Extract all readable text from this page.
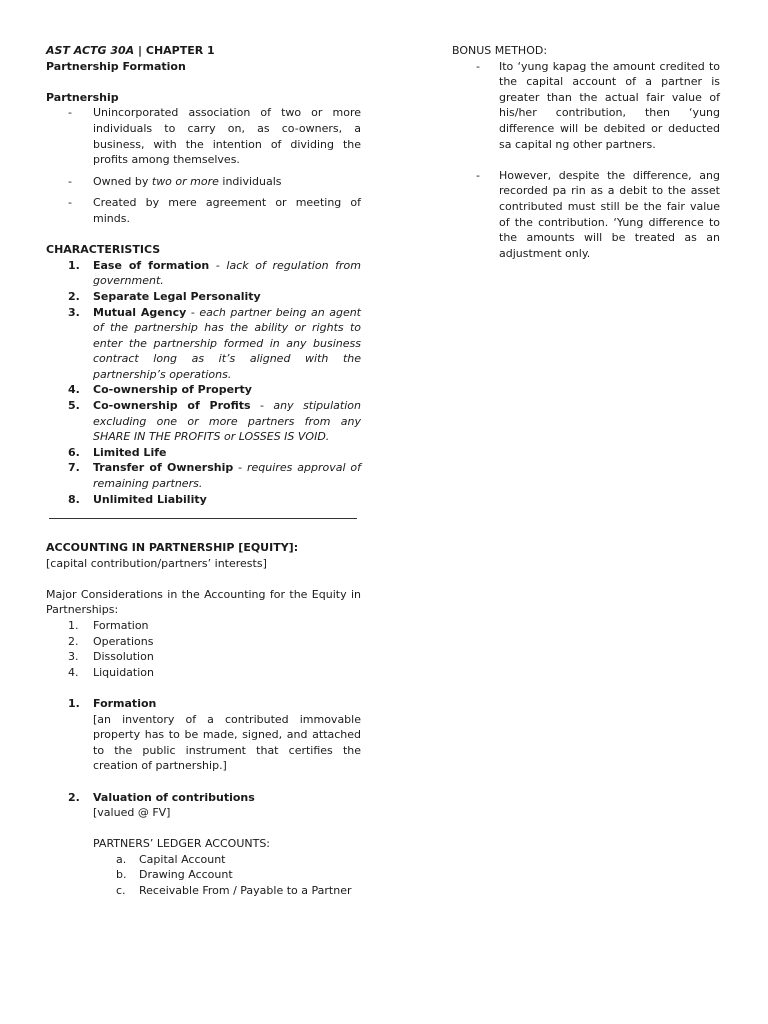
AST ACTG 30A | CHAPTER 1

Partnership Formation

Partnership

- Unincorporated association of two or more individuals to carry on, as co-owners, a business, with the intention of dividing the profits among themselves.
- Owned by two or more individuals
- Created by mere agreement or meeting of minds.

CHARACTERISTICS

1.	Ease of formation - lack of regulation from government.
2.	Separate Legal Personality
3.	Mutual Agency - each partner being an agent of the partnership has the ability or rights to enter the partnership formed in any business contract long as it’s aligned with the partnership’s operations.
4.	Co-ownership of Property
5.	Co-ownership of Profits - any stipulation excluding one or more partners from any SHARE IN THE PROFITS or LOSSES IS VOID.
6.	Limited Life
7.	Transfer of Ownership - requires approval of remaining partners.
8.	Unlimited Liability

ACCOUNTING IN PARTNERSHIP [EQUITY]:

[capital contribution/partners’ interests]

Major Considerations in the Accounting for the Equity in Partnerships:

1.	Formation
2.	Operations
3.	Dissolution
4.	Liquidation
1.	Formation

[an inventory of a contributed immovable property has to be made, signed, and attached to the public instrument that certifies the creation of partnership.]

2.	Valuation of contributions

[valued @ FV]

PARTNERS’ LEDGER ACCOUNTS:

a. Capital Account
b. Drawing Account
c. Receivable From / Payable to a Partner

BONUS METHOD:

- Ito ‘yung kapag the amount credited to the capital account of a partner is greater than the actual fair value of his/her contribution, then ‘yung difference will be debited or deducted sa capital ng other partners.
- However, despite the difference, ang recorded pa rin as a debit to the asset contributed must still be the fair value of the contribution. ‘Yung difference to the amounts will be treated as an adjustment only.
